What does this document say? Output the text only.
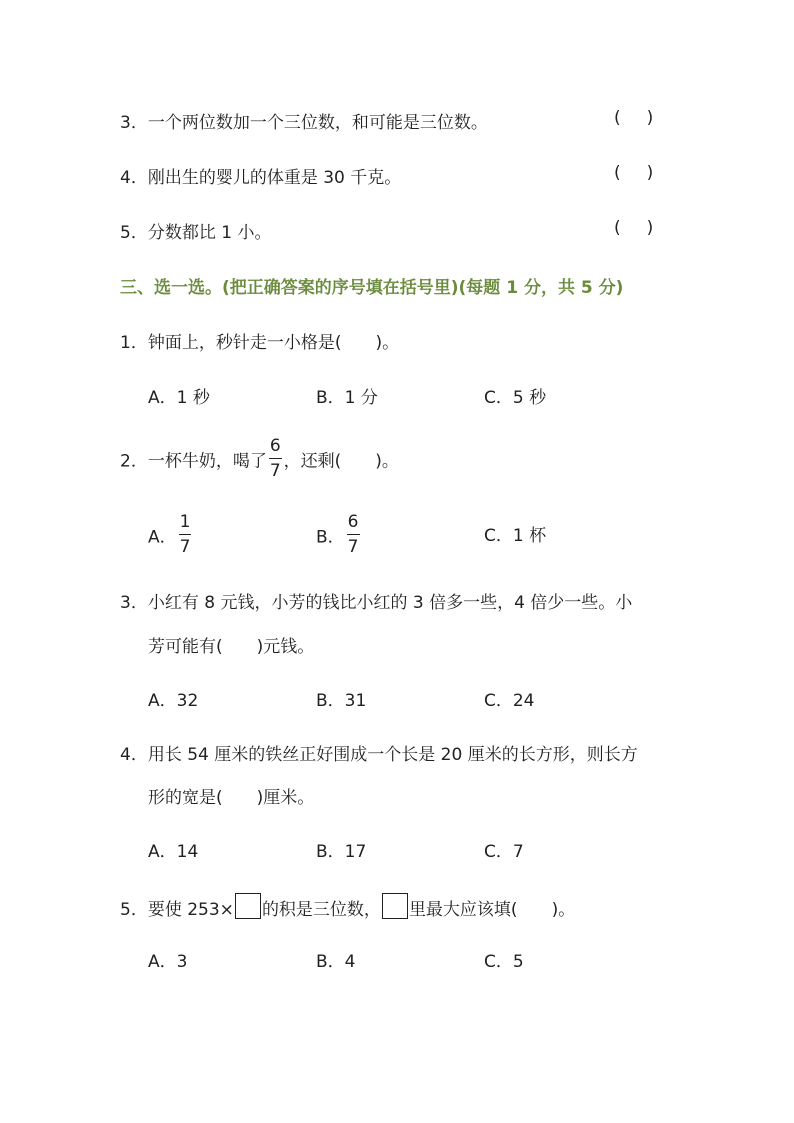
3．一个两位数加一个三位数，和可能是三位数。	( )
4．刚出生的婴儿的体重是 30 千克。	( )
5．分数都比 1 小。	( )
三、选一选。(把正确答案的序号填在括号里)(每题 1 分，共 5 分)
1．钟面上，秒针走一小格是( )。
A．1 秒	B．1 分	C．5 秒
2．一杯牛奶，喝了 $\frac{6}{7}$ ，还剩( )。
A． $\frac{1}{7}$	B． $\frac{6}{7}$	C．1 杯
3．小红有 8 元钱，小芳的钱比小红的 3 倍多一些，4 倍少一些。小
芳可能有( )元钱。
A．32	B．31	C．24
4．用长 54 厘米的铁丝正好围成一个长是 20 厘米的长方形，则长方
形的宽是( )厘米。
A．14	B．17	C．7
5．要使 253× 的积是三位数， 里最大应该填( )。
A．3	B．4	C．5
